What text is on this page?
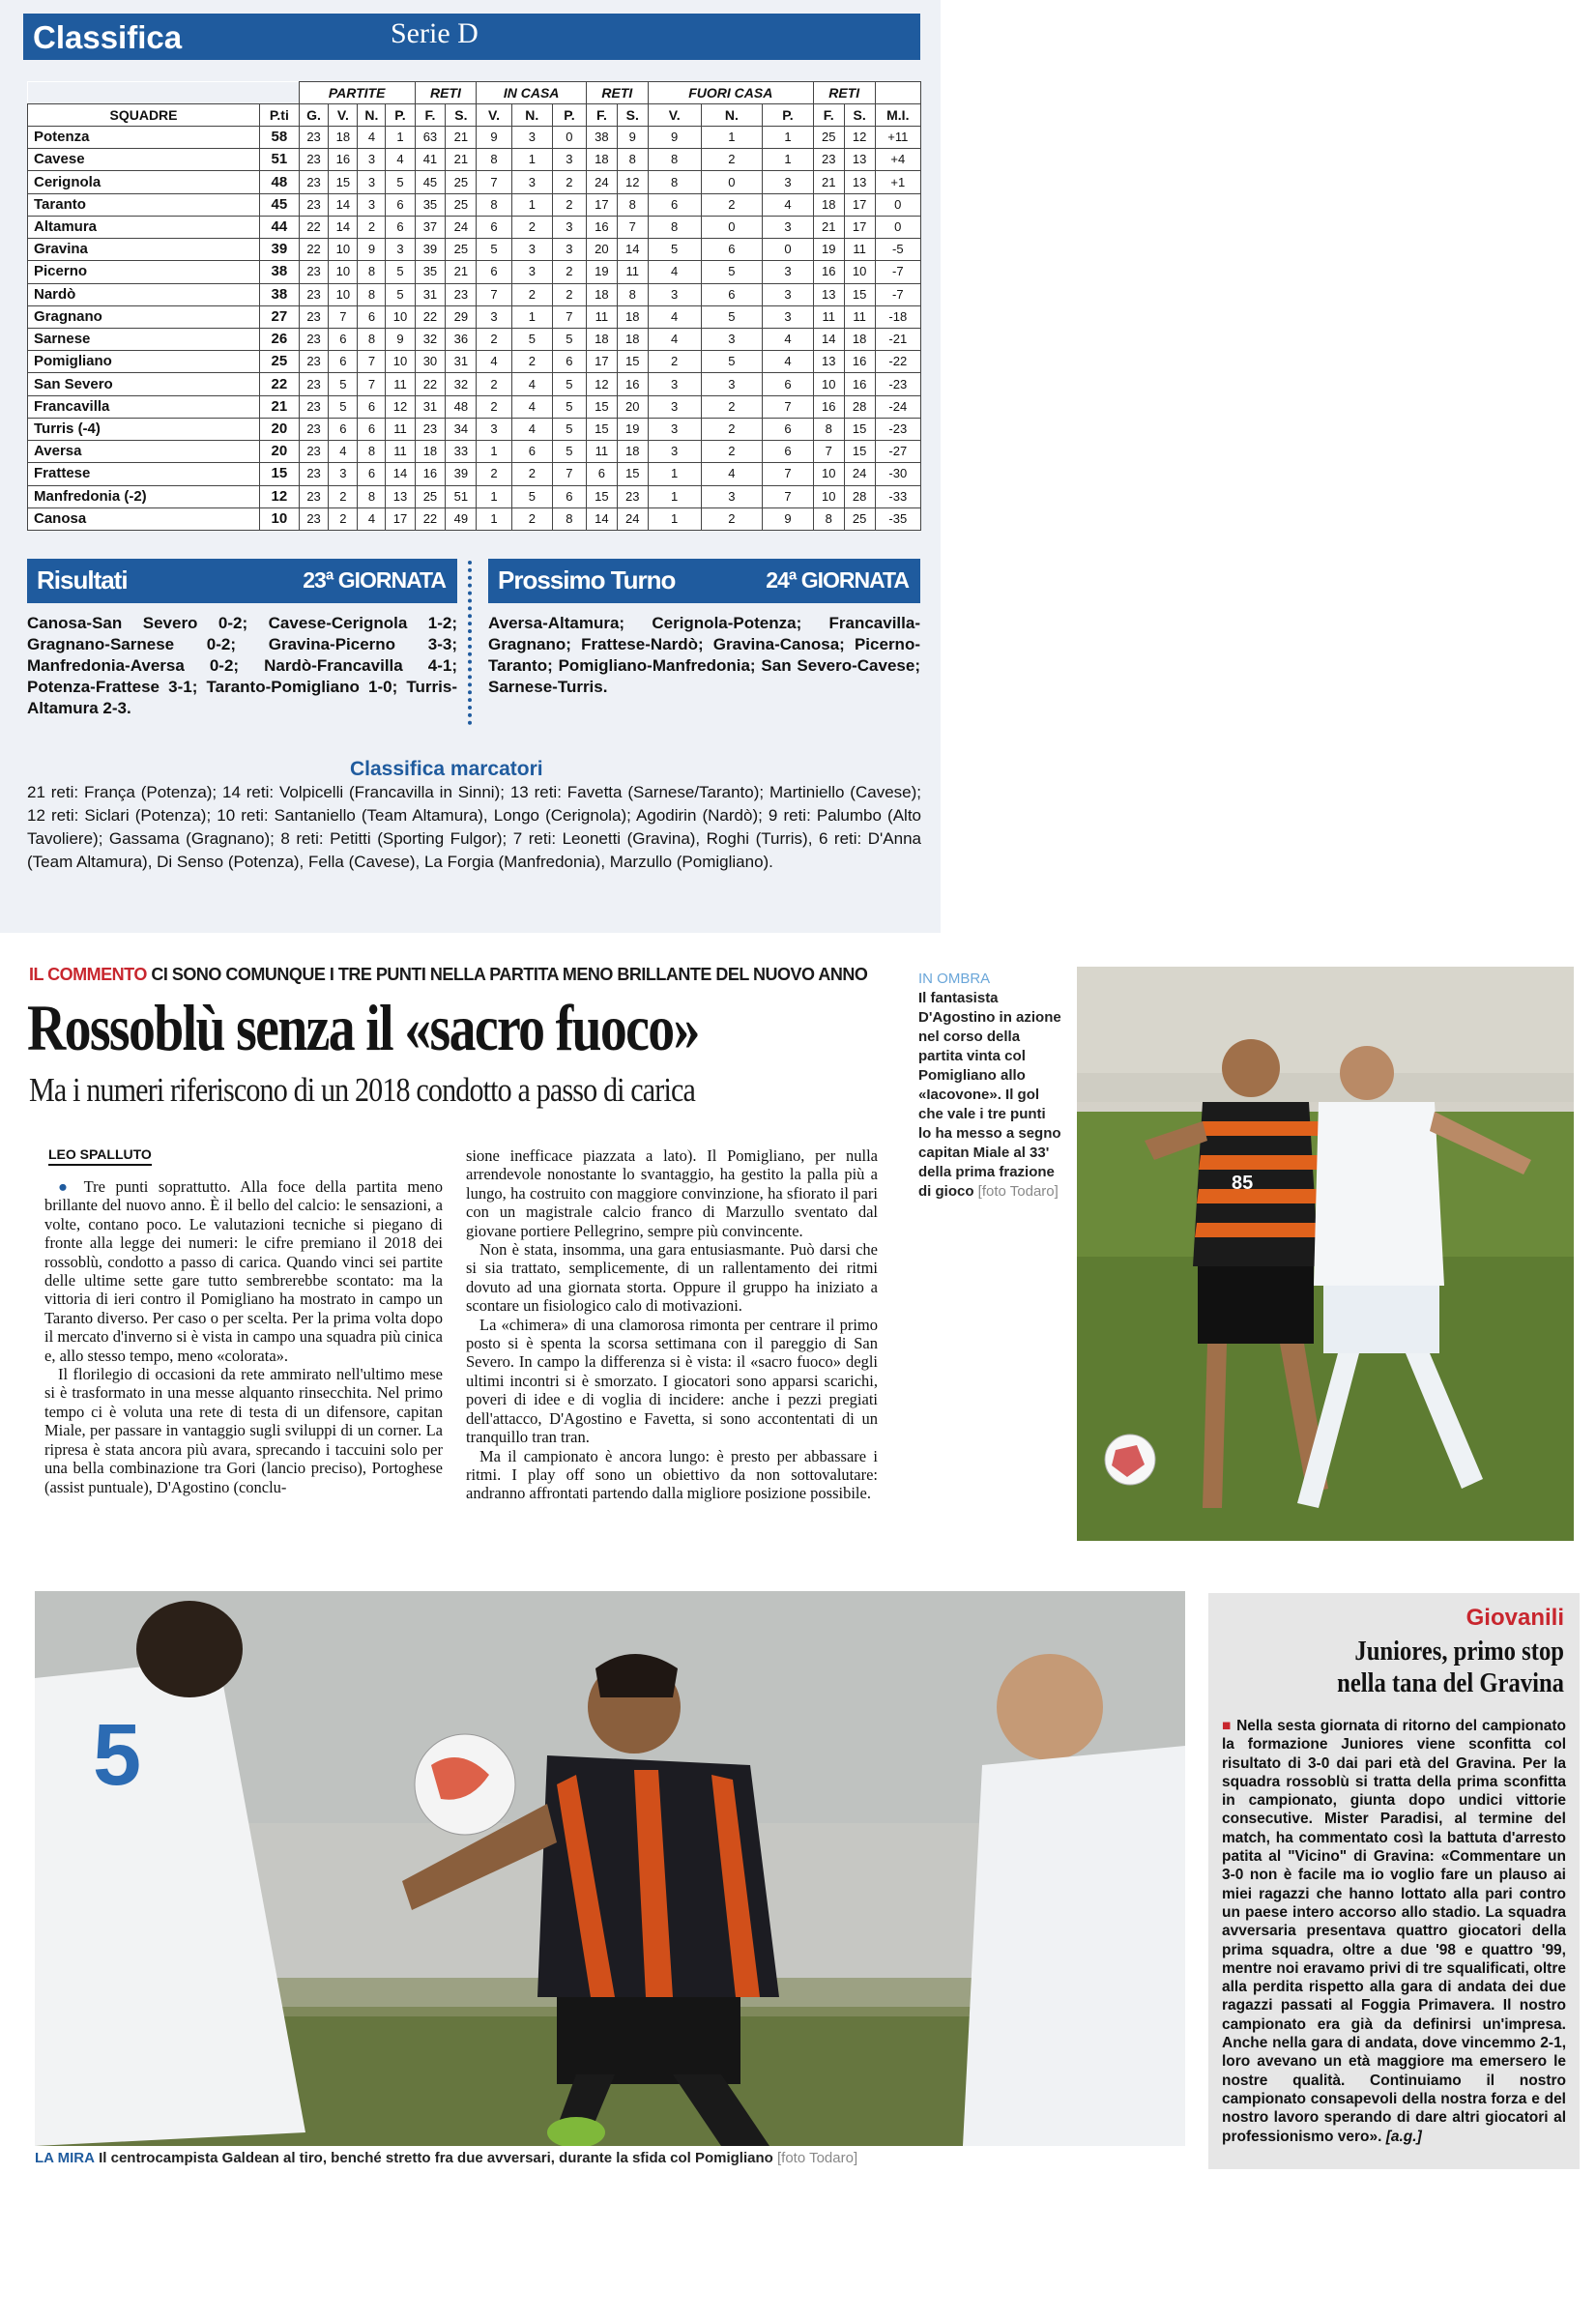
Classifica	Serie D
		PARTITE				RETI		IN CASA			RETI		FUORI CASA			RETI		
SQUADRE	P.ti	G.	V.	N.	P.	F.	S.	V.	N.	P.	F.	S.	V.	N.	P.	F.	S.	M.I.
Potenza	58	23	18	4	1	63	21	9	3	0	38	9	9	1	1	25	12	+11
Cavese	51	23	16	3	4	41	21	8	1	3	18	8	8	2	1	23	13	+4
Cerignola	48	23	15	3	5	45	25	7	3	2	24	12	8	0	3	21	13	+1
Taranto	45	23	14	3	6	35	25	8	1	2	17	8	6	2	4	18	17	0
Altamura	44	22	14	2	6	37	24	6	2	3	16	7	8	0	3	21	17	0
Gravina	39	22	10	9	3	39	25	5	3	3	20	14	5	6	0	19	11	-5
Picerno	38	23	10	8	5	35	21	6	3	2	19	11	4	5	3	16	10	-7
Nardò	38	23	10	8	5	31	23	7	2	2	18	8	3	6	3	13	15	-7
Gragnano	27	23	7	6	10	22	29	3	1	7	11	18	4	5	3	11	11	-18
Sarnese	26	23	6	8	9	32	36	2	5	5	18	18	4	3	4	14	18	-21
Pomigliano	25	23	6	7	10	30	31	4	2	6	17	15	2	5	4	13	16	-22
San Severo	22	23	5	7	11	22	32	2	4	5	12	16	3	3	6	10	16	-23
Francavilla	21	23	5	6	12	31	48	2	4	5	15	20	3	2	7	16	28	-24
Turris (-4)	20	23	6	6	11	23	34	3	4	5	15	19	3	2	6	8	15	-23
Aversa	20	23	4	8	11	18	33	1	6	5	11	18	3	2	6	7	15	-27
Frattese	15	23	3	6	14	16	39	2	2	7	6	15	1	4	7	10	24	-30
Manfredonia (-2)	12	23	2	8	13	25	51	1	5	6	15	23	1	3	7	10	28	-33
Canosa	10	23	2	4	17	22	49	1	2	8	14	24	1	2	9	8	25	-35
Risultati	23ª GIORNATA Prossimo Turno	24ª GIORNATA
Canosa-San Severo 0-2; Cavese-Cerignola 1-2; Gragnano-Sarnese 0-2; Gravina-Picerno 3-3; Manfredonia-Aversa 0-2; Nardò-Francavilla 4-1; Potenza-Frattese 3-1; Taranto-Pomigliano 1-0; Turris-Altamura 2-3.
Aversa-Altamura; Cerignola-Potenza; Francavilla-Gragnano; Frattese-Nardò; Gravina-Canosa; Picerno-Taranto; Pomigliano-Manfredonia; San Severo-Cavese; Sarnese-Turris.
Classifica marcatori
21 reti: França (Potenza); 14 reti: Volpicelli (Francavilla in Sinni); 13 reti: Favetta (Sarnese/Taranto); Martiniello (Cavese); 12 reti: Siclari (Potenza); 10 reti: Santaniello (Team Altamura), Longo (Cerignola); Agodirin (Nardò); 9 reti: Palumbo (Alto Tavoliere); Gassama (Gragnano); 8 reti: Petitti (Sporting Fulgor); 7 reti: Leonetti (Gravina), Roghi (Turris), 6 reti: D'Anna (Team Altamura), Di Senso (Potenza), Fella (Cavese), La Forgia (Manfredonia), Marzullo (Pomigliano).
IL COMMENTO CI SONO COMUNQUE I TRE PUNTI NELLA PARTITA MENO BRILLANTE DEL NUOVO ANNO
Rossoblù senza il «sacro fuoco»
Ma i numeri riferiscono di un 2018 condotto a passo di carica
LEO SPALLUTO

● Tre punti soprattutto. Alla foce della partita meno brillante del nuovo anno. È il bello del calcio: le sensazioni, a volte, contano poco. Le valutazioni tecniche si piegano di fronte alla legge dei numeri: le cifre premiano il 2018 dei rossoblù, condotto a passo di carica. Quando vinci sei partite delle ultime sette gare tutto sembrerebbe scontato: ma la vittoria di ieri contro il Pomigliano ha mostrato in campo un Taranto diverso. Per caso o per scelta. Per la prima volta dopo il mercato d'inverno si è vista in campo una squadra più cinica e, allo stesso tempo, meno «colorata».

Il florilegio di occasioni da rete ammirato nell'ultimo mese si è trasformato in una messe alquanto rinsecchita. Nel primo tempo ci è voluta una rete di testa di un difensore, capitan Miale, per passare in vantaggio sugli sviluppi di un corner. La ripresa è stata ancora più avara, sprecando i taccuini solo per una bella combinazione tra Gori (lancio preciso), Portoghese (assist puntuale), D'Agostino (conclu-

sione inefficace piazzata a lato). Il Pomigliano, per nulla arrendevole nonostante lo svantaggio, ha gestito la palla più a lungo, ha costruito con maggiore convinzione, ha sfiorato il pari con un magistrale calcio franco di Marzullo sventato dal giovane portiere Pellegrino, sempre più convincente.

Non è stata, insomma, una gara entusiasmante. Può darsi che si sia trattato, semplicemente, di un rallentamento dei ritmi dovuto ad una giornata storta. Oppure il gruppo ha iniziato a scontare un fisiologico calo di motivazioni.

La «chimera» di una clamorosa rimonta per centrare il primo posto si è spenta la scorsa settimana con il pareggio di San Severo. In campo la differenza si è vista: il «sacro fuoco» degli ultimi incontri si è smorzato. I giocatori sono apparsi scarichi, poveri di idee e di voglia di incidere: anche i pezzi pregiati dell'attacco, D'Agostino e Favetta, si sono accontentati di un tranquillo tran tran.

Ma il campionato è ancora lungo: è presto per abbassare i ritmi. I play off sono un obiettivo da non sottovalutare: andranno affrontati partendo dalla migliore posizione possibile.

IN OMBRA
Il fantasista D'Agostino in azione nel corso della partita vinta col Pomigliano allo «Iacovone». Il gol che vale i tre punti lo ha messo a segno capitan Miale al 33' della prima frazione di gioco [foto Todaro]	85
5
LA MIRA Il centrocampista Galdean al tiro, benché stretto fra due avversari, durante la sfida col Pomigliano [foto Todaro]
Giovanili
Juniores, primo stop nella tana del Gravina
■ Nella sesta giornata di ritorno del campionato la formazione Juniores viene sconfitta col risultato di 3-0 dai pari età del Gravina. Per la squadra rossoblù si tratta della prima sconfitta in campionato, giunta dopo undici vittorie consecutive. Mister Paradisi, al termine del match, ha commentato così la battuta d'arresto patita al "Vicino" di Gravina: «Commentare un 3-0 non è facile ma io voglio fare un plauso ai miei ragazzi che hanno lottato alla pari contro un paese intero accorso allo stadio. La squadra avversaria presentava quattro giocatori della prima squadra, oltre a due '98 e quattro '99, mentre noi eravamo privi di tre squalificati, oltre alla perdita rispetto alla gara di andata dei due ragazzi passati al Foggia Primavera. Il nostro campionato era già da definirsi un'impresa. Anche nella gara di andata, dove vincemmo 2-1, loro avevano un età maggiore ma emersero le nostre qualità. Continuiamo il nostro campionato consapevoli della nostra forza e del nostro lavoro sperando di dare altri giocatori al professionismo vero». [a.g.]
